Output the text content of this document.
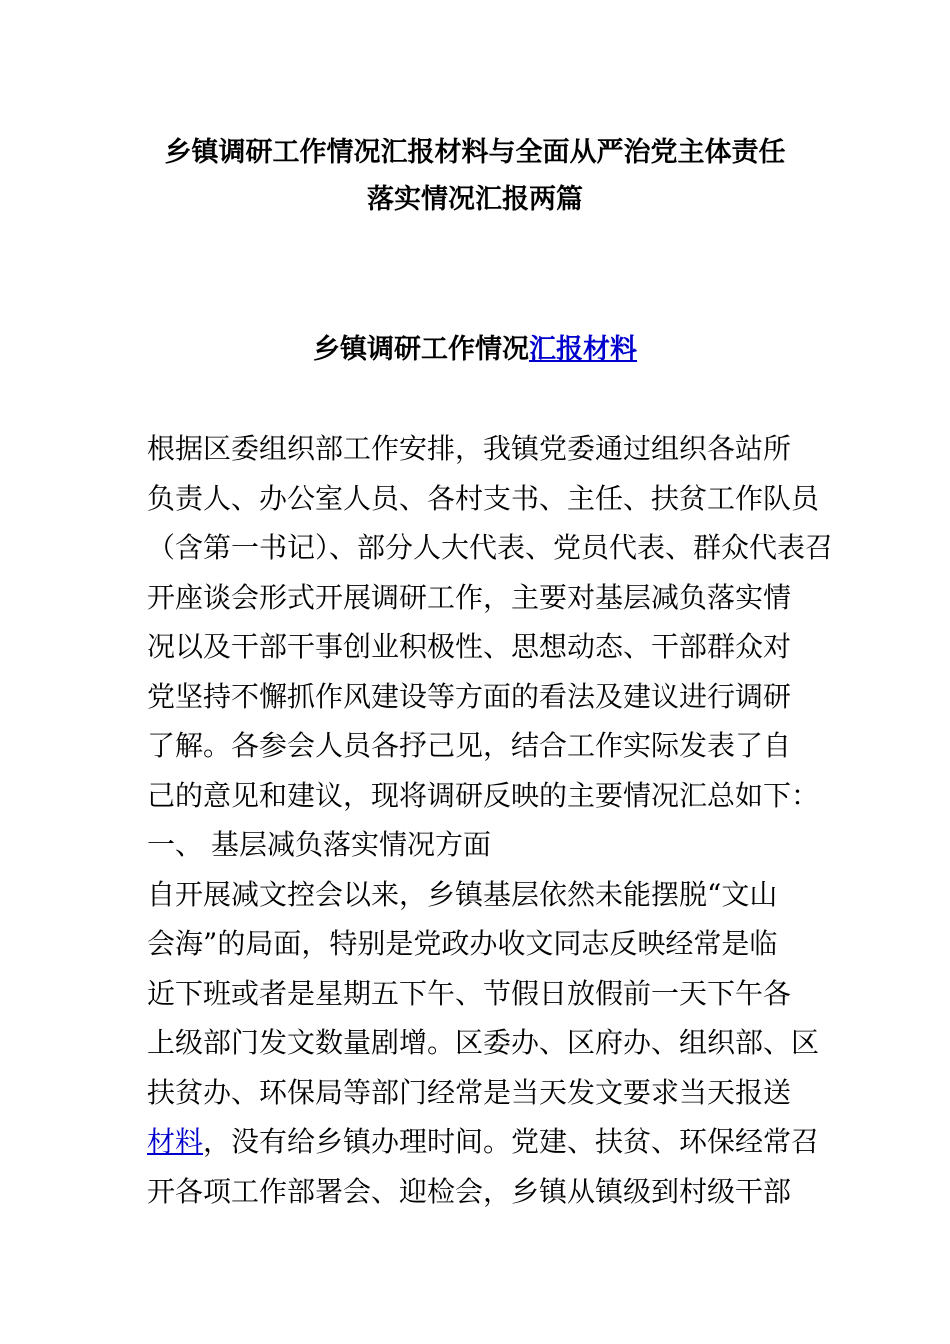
乡镇调研工作情况汇报材料与全面从严治党主体责任
落实情况汇报两篇
乡镇调研工作情况汇报材料
根据区委组织部工作安排，我镇党委通过组织各站所
负责人、办公室人员、各村支书、主任、扶贫工作队员
（含第一书记）、部分人大代表、党员代表、群众代表召
开座谈会形式开展调研工作，主要对基层减负落实情
况以及干部干事创业积极性、思想动态、干部群众对
党坚持不懈抓作风建设等方面的看法及建议进行调研
了解。各参会人员各抒己见，结合工作实际发表了自
己的意见和建议，现将调研反映的主要情况汇总如下：
一、 基层减负落实情况方面
自开展减文控会以来，乡镇基层依然未能摆脱“文山
会海”的局面，特别是党政办收文同志反映经常是临
近下班或者是星期五下午、节假日放假前一天下午各
上级部门发文数量剧增。区委办、区府办、组织部、区
扶贫办、环保局等部门经常是当天发文要求当天报送
材料，没有给乡镇办理时间。党建、扶贫、环保经常召
开各项工作部署会、迎检会，乡镇从镇级到村级干部
